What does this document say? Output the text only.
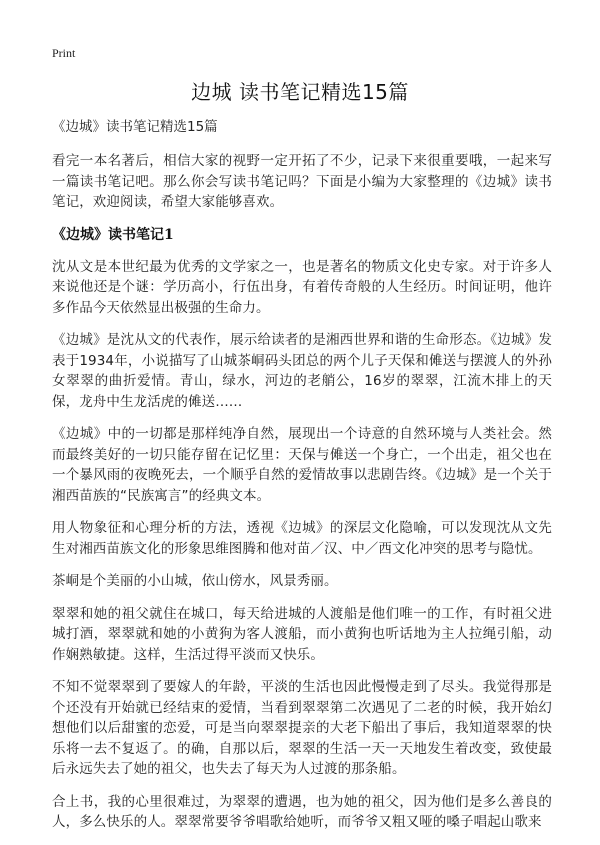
Print
边城 读书笔记精选15篇

《边城》读书笔记精选15篇

看完一本名著后，相信大家的视野一定开拓了不少，记录下来很重要哦，一起来写一篇读书笔记吧。那么你会写读书笔记吗？下面是小编为大家整理的《边城》读书笔记，欢迎阅读，希望大家能够喜欢。

《边城》读书笔记1

沈从文是本世纪最为优秀的文学家之一，也是著名的物质文化史专家。对于许多人来说他还是个谜：学历高小，行伍出身，有着传奇般的人生经历。时间证明，他许多作品今天依然显出极强的生命力。

《边城》是沈从文的代表作，展示给读者的是湘西世界和谐的生命形态。《边城》发表于1934年，小说描写了山城茶峒码头团总的两个儿子天保和傩送与摆渡人的外孙女翠翠的曲折爱情。青山，绿水，河边的老艄公，16岁的翠翠，江流木排上的天保，龙舟中生龙活虎的傩送……

《边城》中的一切都是那样纯净自然，展现出一个诗意的自然环境与人类社会。然而最终美好的一切只能存留在记忆里：天保与傩送一个身亡，一个出走，祖父也在一个暴风雨的夜晚死去，一个顺乎自然的爱情故事以悲剧告终。《边城》是一个关于湘西苗族的“民族寓言”的经典文本。

用人物象征和心理分析的方法，透视《边城》的深层文化隐喻，可以发现沈从文先生对湘西苗族文化的形象思维图腾和他对苗／汉、中／西文化冲突的思考与隐忧。

茶峒是个美丽的小山城，依山傍水，风景秀丽。

翠翠和她的祖父就住在城口，每天给进城的人渡船是他们唯一的工作，有时祖父进城打酒，翠翠就和她的小黄狗为客人渡船，而小黄狗也听话地为主人拉绳引船，动作娴熟敏捷。这样，生活过得平淡而又快乐。

不知不觉翠翠到了要嫁人的年龄，平淡的生活也因此慢慢走到了尽头。我觉得那是个还没有开始就已经结束的爱情，当看到翠翠第二次遇见了二老的时候，我开始幻想他们以后甜蜜的恋爱，可是当向翠翠提亲的大老下船出了事后，我知道翠翠的快乐将一去不复返了。的确，自那以后，翠翠的生活一天一天地发生着改变，致使最后永远失去了她的祖父，也失去了每天为人过渡的那条船。

合上书，我的心里很难过，为翠翠的遭遇，也为她的祖父，因为他们是多么善良的人，多么快乐的人。翠翠常要爷爷唱歌给她听，而爷爷又粗又哑的嗓子唱起山歌来
